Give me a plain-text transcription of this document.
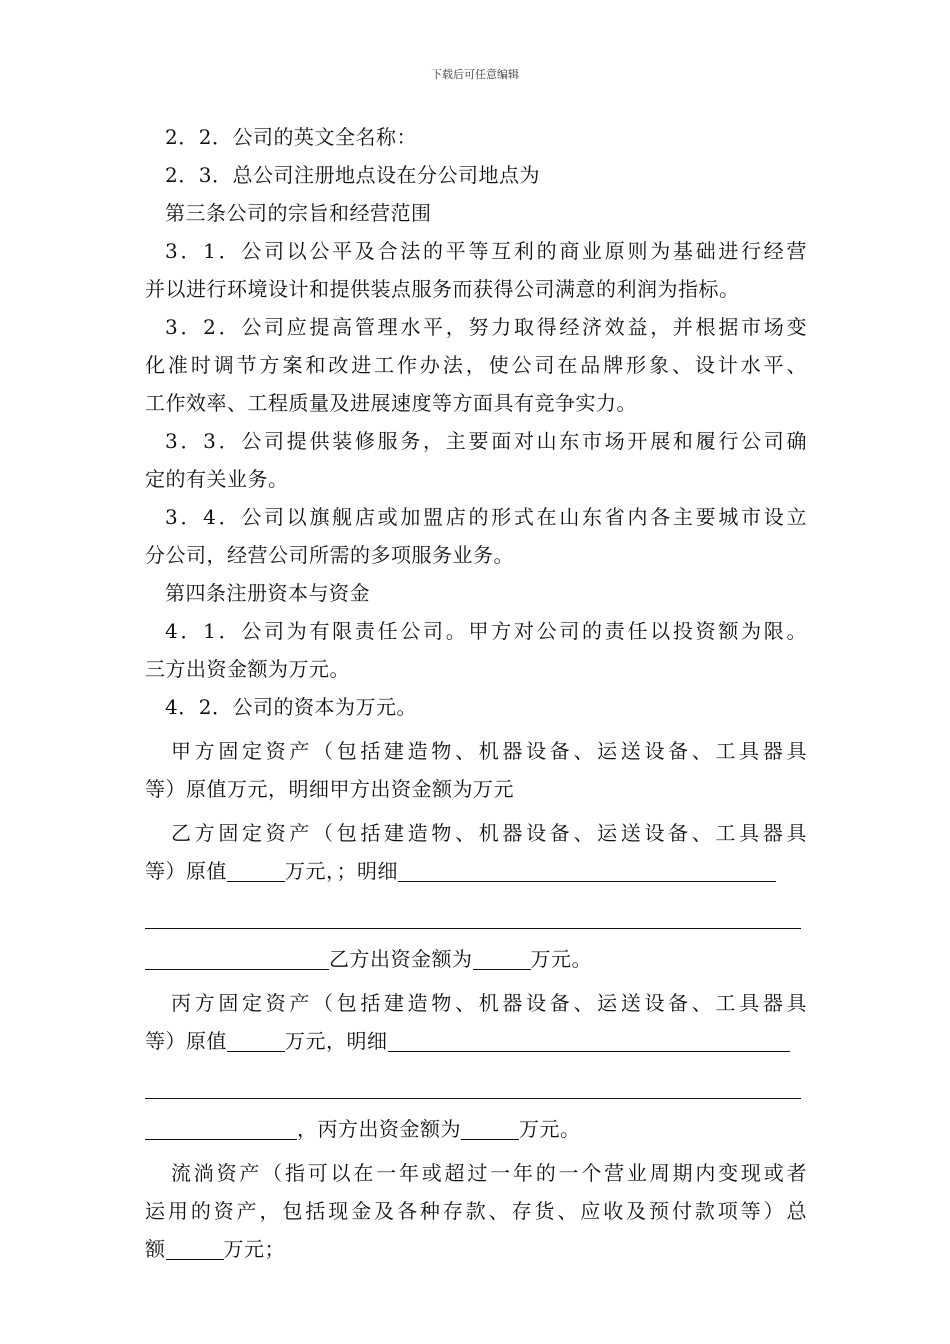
下载后可任意编辑
2．2．公司的英文全名称：
2．3．总公司注册地点设在分公司地点为
第三条公司的宗旨和经营范围
3．1．公司以公平及合法的平等互利的商业原则为基础进行经营
并以进行环境设计和提供装点服务而获得公司满意的利润为指标。
3．2．公司应提高管理水平，努力取得经济效益，并根据市场变
化准时调节方案和改进工作办法，使公司在品牌形象、设计水平、
工作效率、工程质量及进展速度等方面具有竞争实力。
3．3．公司提供装修服务，主要面对山东市场开展和履行公司确
定的有关业务。
3．4．公司以旗舰店或加盟店的形式在山东省内各主要城市设立
分公司，经营公司所需的多项服务业务。
第四条注册资本与资金
4．1．公司为有限责任公司。甲方对公司的责任以投资额为限。
三方出资金额为万元。
4．2．公司的资本为万元。
甲方固定资产（包括建造物、机器设备、运送设备、工具器具
等）原值万元，明细甲方出资金额为万元
乙方固定资产（包括建造物、机器设备、运送设备、工具器具
等）原值	万元，；明细
乙方出资金额为	万元。
丙方固定资产（包括建造物、机器设备、运送设备、工具器具
等）原值	万元，明细
，丙方出资金额为	万元。
流淌资产（指可以在一年或超过一年的一个营业周期内变现或者
运用的资产，包括现金及各种存款、存货、应收及预付款项等）总
额	万元；
